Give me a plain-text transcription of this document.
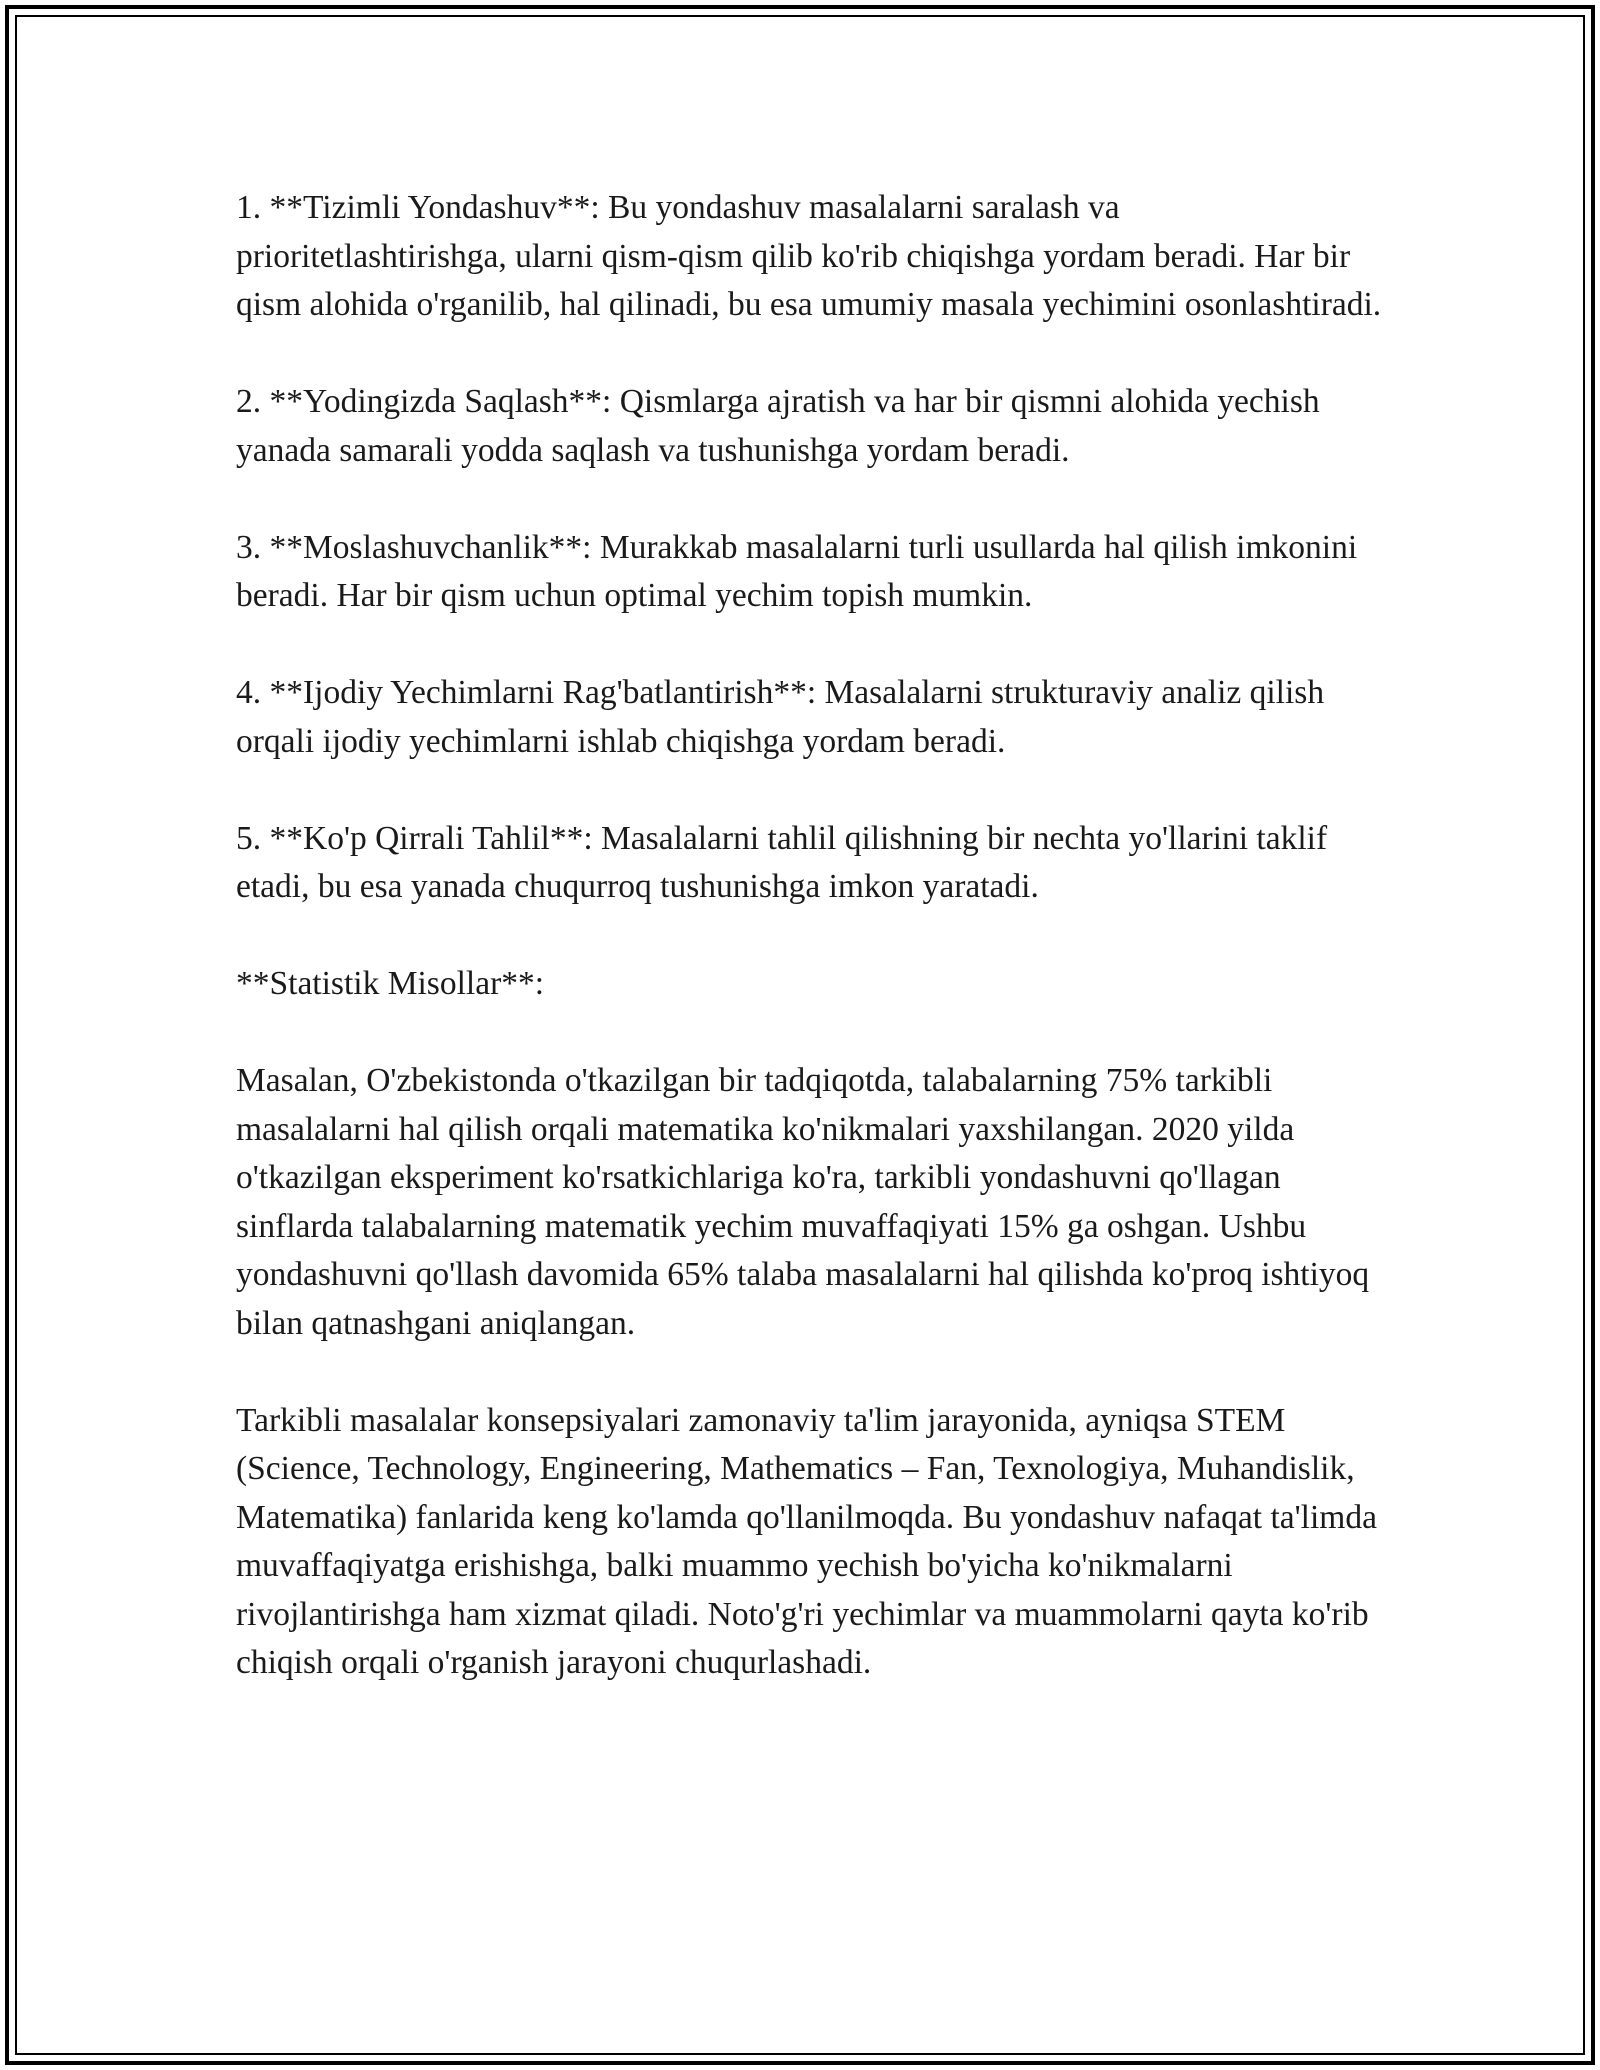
1. **Tizimli Yondashuv**: Bu yondashuv masalalarni saralash va prioritetlashtirishga, ularni qism-qism qilib ko'rib chiqishga yordam beradi. Har bir qism alohida o'rganilib, hal qilinadi, bu esa umumiy masala yechimini osonlashtiradi.

2. **Yodingizda Saqlash**: Qismlarga ajratish va har bir qismni alohida yechish yanada samarali yodda saqlash va tushunishga yordam beradi.

3. **Moslashuvchanlik**: Murakkab masalalarni turli usullarda hal qilish imkonini beradi. Har bir qism uchun optimal yechim topish mumkin.

4. **Ijodiy Yechimlarni Rag'batlantirish**: Masalalarni strukturaviy analiz qilish orqali ijodiy yechimlarni ishlab chiqishga yordam beradi.

5. **Ko'p Qirrali Tahlil**: Masalalarni tahlil qilishning bir nechta yo'llarini taklif etadi, bu esa yanada chuqurroq tushunishga imkon yaratadi.

**Statistik Misollar**:

Masalan, O'zbekistonda o'tkazilgan bir tadqiqotda, talabalarning 75% tarkibli masalalarni hal qilish orqali matematika ko'nikmalari yaxshilangan. 2020 yilda o'tkazilgan eksperiment ko'rsatkichlariga ko'ra, tarkibli yondashuvni qo'llagan sinflarda talabalarning matematik yechim muvaffaqiyati 15% ga oshgan. Ushbu yondashuvni qo'llash davomida 65% talaba masalalarni hal qilishda ko'proq ishtiyoq bilan qatnashgani aniqlangan.

Tarkibli masalalar konsepsiyalari zamonaviy ta'lim jarayonida, ayniqsa STEM (Science, Technology, Engineering, Mathematics – Fan, Texnologiya, Muhandislik, Matematika) fanlarida keng ko'lamda qo'llanilmoqda. Bu yondashuv nafaqat ta'limda muvaffaqiyatga erishishga, balki muammo yechish bo'yicha ko'nikmalarni rivojlantirishga ham xizmat qiladi. Noto'g'ri yechimlar va muammolarni qayta ko'rib chiqish orqali o'rganish jarayoni chuqurlashadi.
